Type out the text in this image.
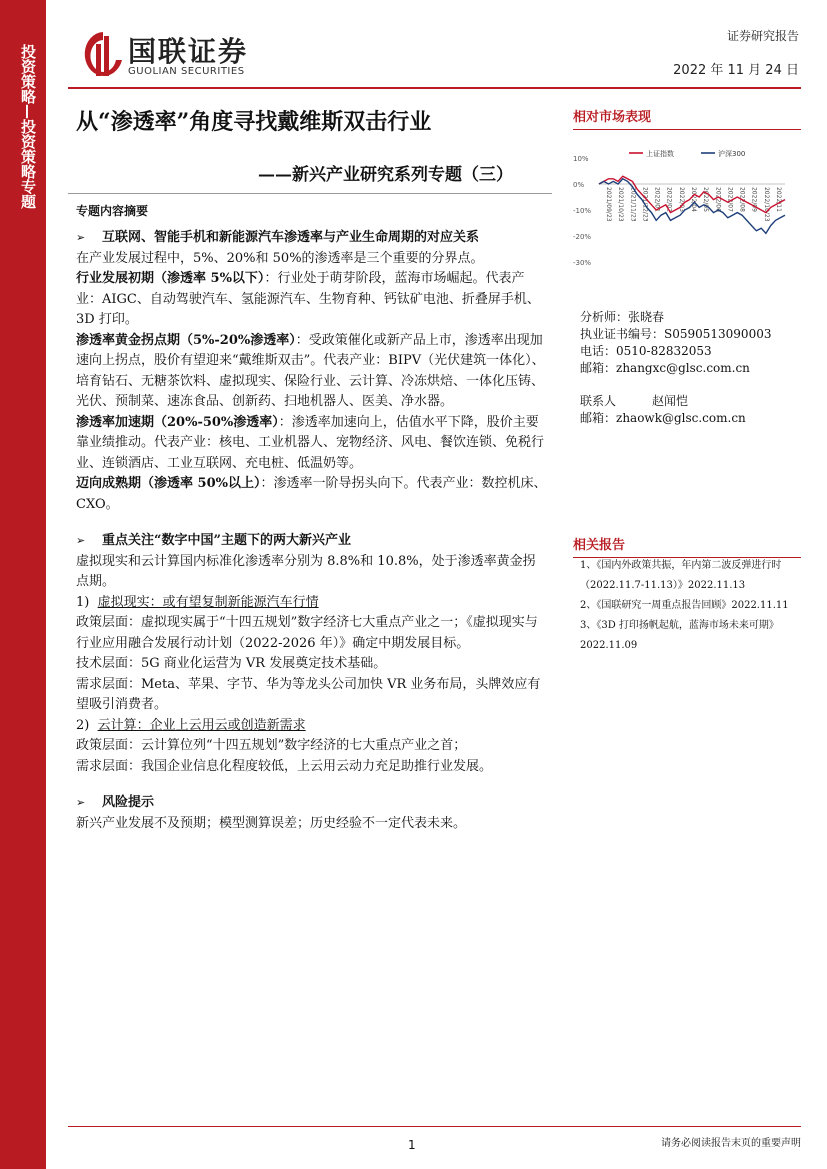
投资策略—投资策略专题	国联证券
GUOLIAN SECURITIES
证券研究报告
2022 年 11 月 24 日
从“渗透率”角度寻找戴维斯双击行业
——新兴产业研究系列专题（三）
专题内容摘要

➢ 互联网、智能手机和新能源汽车渗透率与产业生命周期的对应关系

在产业发展过程中，5%、20%和 50%的渗透率是三个重要的分界点。

行业发展初期（渗透率 5%以下）：行业处于萌芽阶段，蓝海市场崛起。代表产业：AIGC、自动驾驶汽车、氢能源汽车、生物育种、钙钛矿电池、折叠屏手机、3D 打印。

渗透率黄金拐点期（5%-20%渗透率）：受政策催化或新产品上市，渗透率出现加速向上拐点，股价有望迎来“戴维斯双击”。代表产业：BIPV（光伏建筑一体化）、培育钻石、无糖茶饮料、虚拟现实、保险行业、云计算、冷冻烘焙、一体化压铸、光伏、预制菜、速冻食品、创新药、扫地机器人、医美、净水器。

渗透率加速期（20%-50%渗透率）：渗透率加速向上，估值水平下降，股价主要靠业绩推动。代表产业：核电、工业机器人、宠物经济、风电、餐饮连锁、免税行业、连锁酒店、工业互联网、充电桩、低温奶等。

迈向成熟期（渗透率 50%以上）：渗透率一阶导拐头向下。代表产业：数控机床、CXO。

➢ 重点关注“数字中国”主题下的两大新兴产业

虚拟现实和云计算国内标准化渗透率分别为 8.8%和 10.8%，处于渗透率黄金拐点期。

1) 虚拟现实：或有望复制新能源汽车行情

政策层面：虚拟现实属于“十四五规划”数字经济七大重点产业之一；《虚拟现实与行业应用融合发展行动计划（2022-2026 年）》确定中期发展目标。

技术层面：5G 商业化运营为 VR 发展奠定技术基础。

需求层面：Meta、苹果、字节、华为等龙头公司加快 VR 业务布局，头牌效应有望吸引消费者。

2) 云计算：企业上云用云或创造新需求

政策层面：云计算位列“十四五规划”数字经济的七大重点产业之首；

需求层面：我国企业信息化程度较低，上云用云动力充足助推行业发展。

➢ 风险提示

新兴产业发展不及预期；模型测算误差；历史经验不一定代表未来。

相对市场表现
10%
0%
-10%
-20%
-30%
2021/09/23 2021/10/23 2021/11/23 2021/12/23 2022/01 2022/02 2022/03 2022/04 2022/05 2022/06 2022/07 2022/08 2022/09 2022/10/23 2022/11
上证指数	沪深300
分析师：张晓春
执业证书编号：S0590513090003
电话：0510-82832053
邮箱：zhangxc@glsc.com.cn
联系人　　　赵闻恺
邮箱：zhaowk@glsc.com.cn
相关报告
1、《国内外政策共振，年内第二波反弹进行时（2022.11.7-11.13）》2022.11.13
2、《国联研究一周重点报告回顾》2022.11.11
3、《3D 打印扬帆起航，蓝海市场未来可期》2022.11.09
1	请务必阅读报告末页的重要声明
